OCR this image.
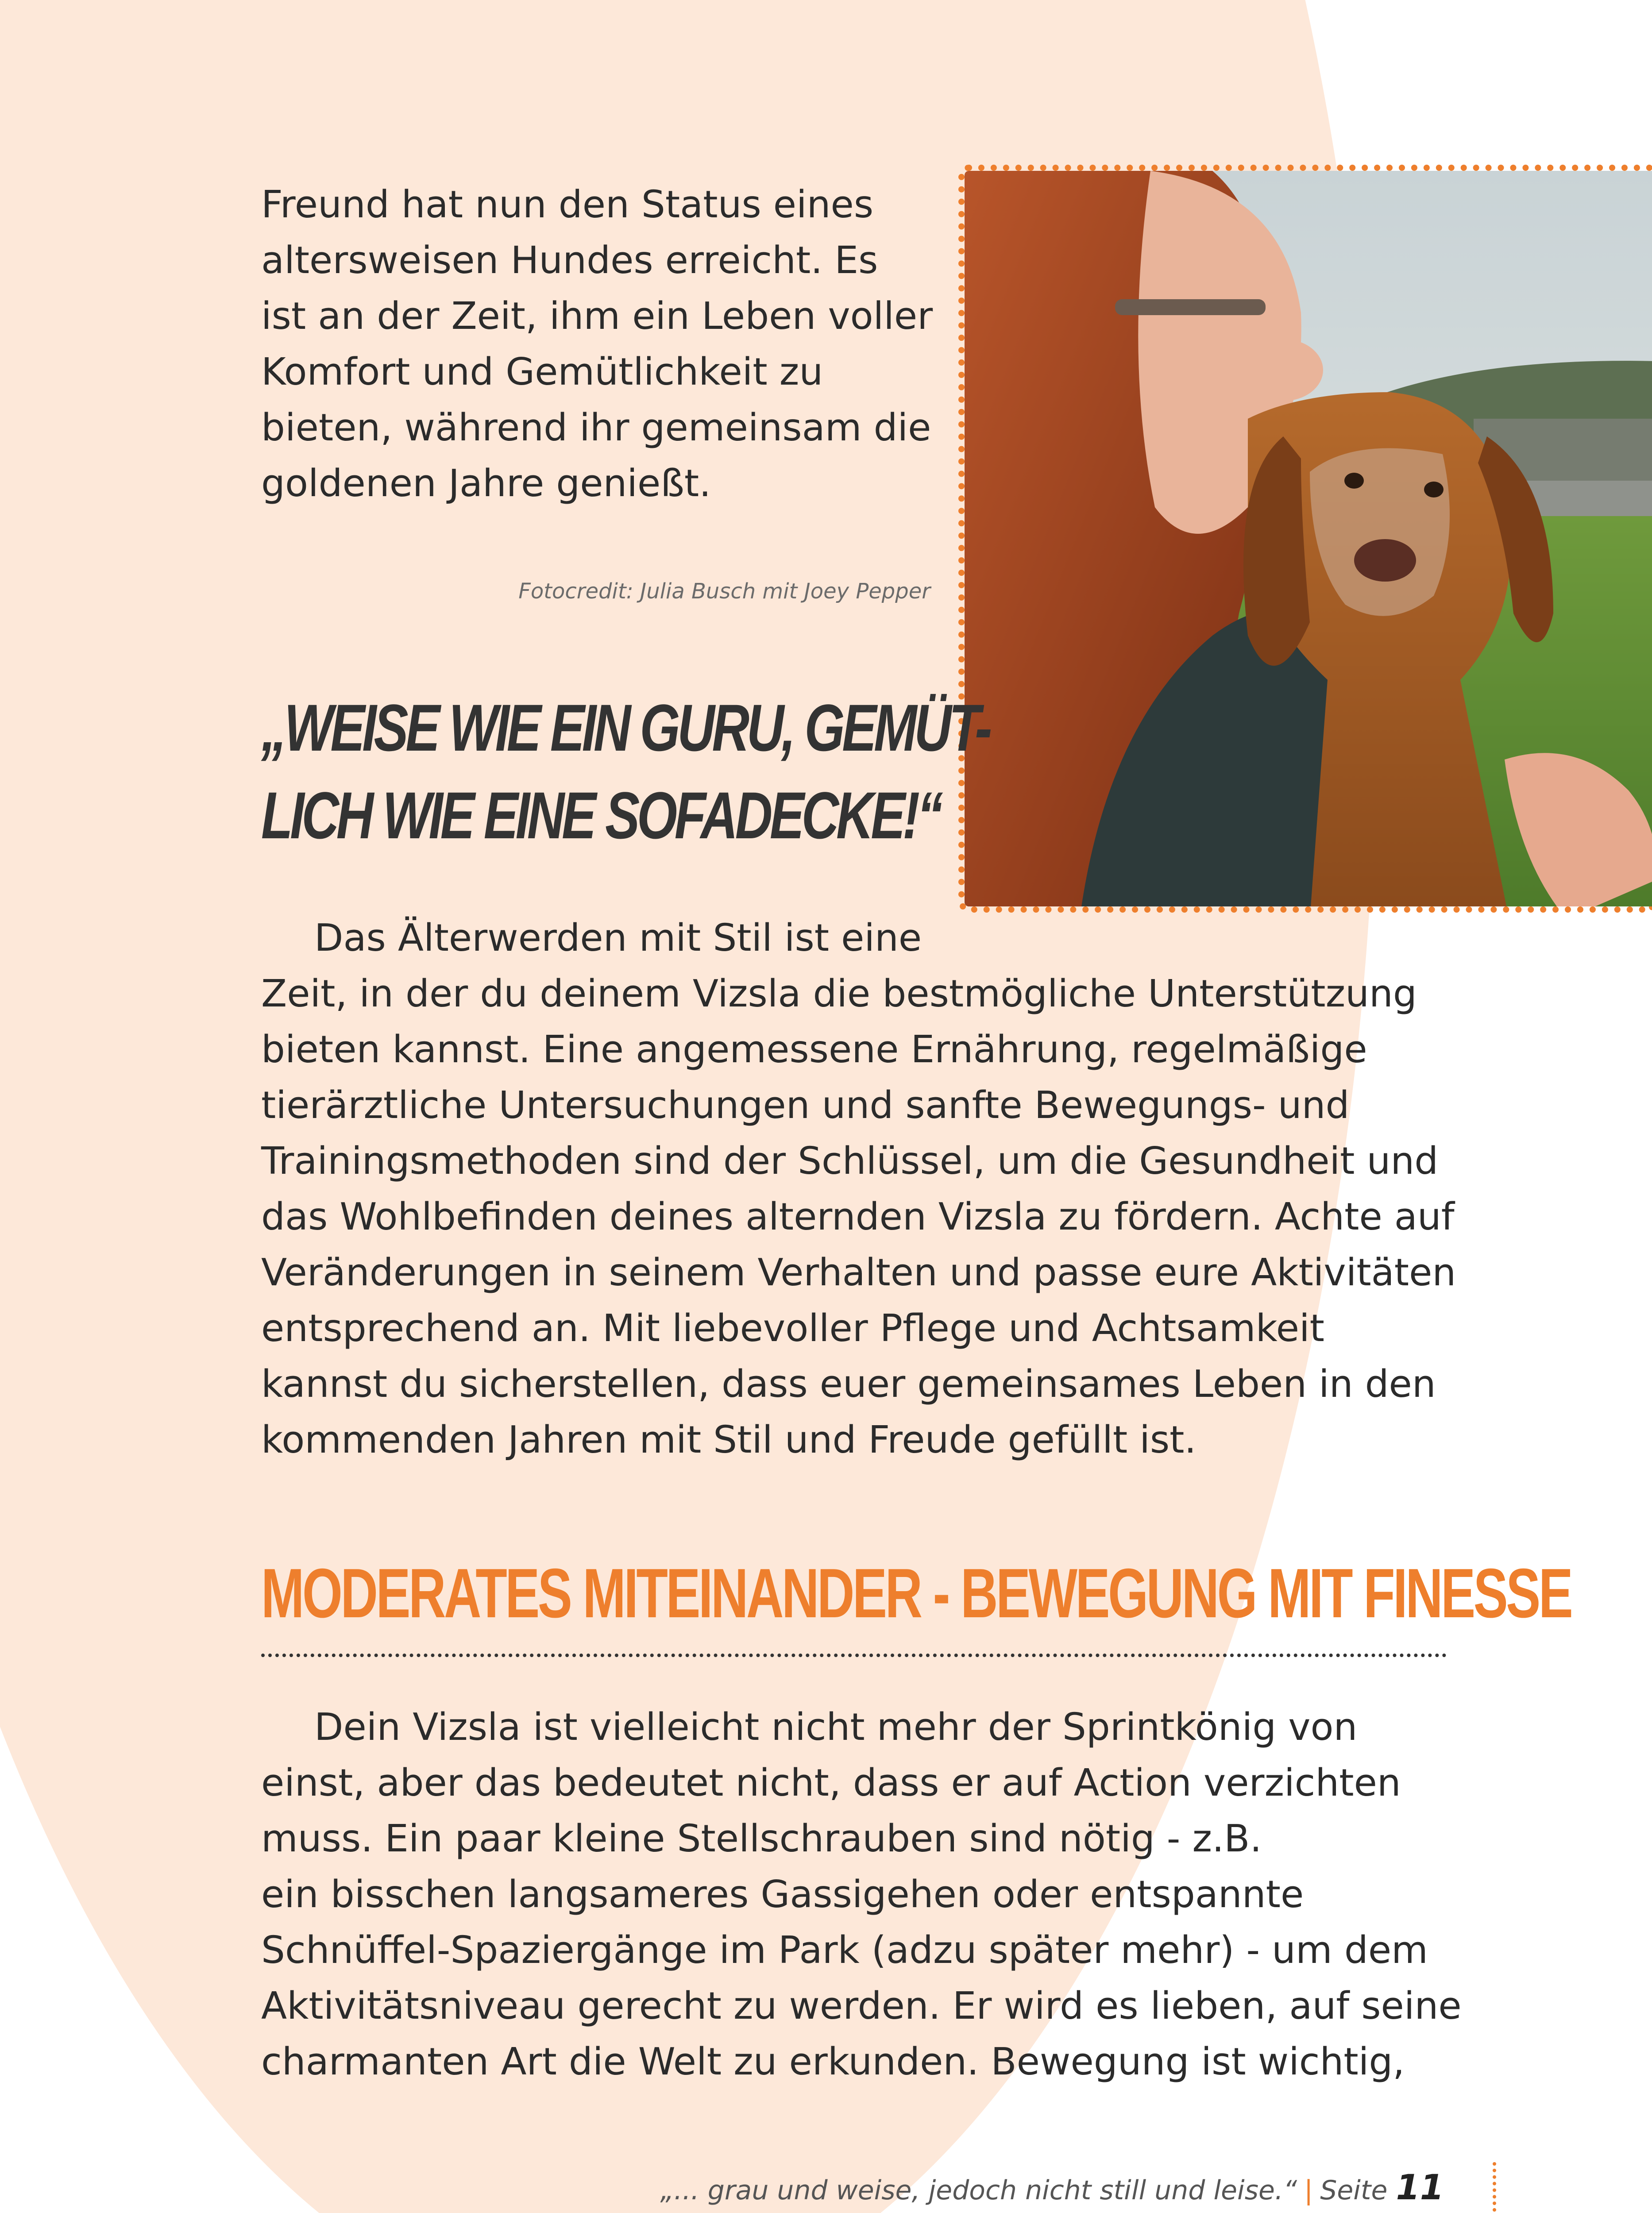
Freund hat nun den Status eines
altersweisen Hundes erreicht. Es
ist an der Zeit, ihm ein Leben voller
Komfort und Gemütlichkeit zu
bieten, während ihr gemeinsam die
goldenen Jahre genießt.

Fotocredit: Julia Busch mit Joey Pepper

„WEISE WIE EIN GURU, GEMÜT-
LICH WIE EINE SOFADECKE!“
Das Älterwerden mit Stil ist eine
Zeit, in der du deinem Vizsla die bestmögliche Unterstützung
bieten kannst. Eine angemessene Ernährung, regelmäßige
tierärztliche Untersuchungen und sanfte Bewegungs- und
Trainingsmethoden sind der Schlüssel, um die Gesundheit und
das Wohlbefinden deines alternden Vizsla zu fördern. Achte auf
Veränderungen in seinem Verhalten und passe eure Aktivitäten
entsprechend an. Mit liebevoller Pflege und Achtsamkeit
kannst du sicherstellen, dass euer gemeinsames Leben in den
kommenden Jahren mit Stil und Freude gefüllt ist.
MODERATES MITEINANDER - BEWEGUNG MIT FINESSE
Dein Vizsla ist vielleicht nicht mehr der Sprintkönig von
einst, aber das bedeutet nicht, dass er auf Action verzichten
muss. Ein paar kleine Stellschrauben sind nötig - z.B.
ein bisschen langsameres Gassigehen oder entspannte
Schnüffel-Spaziergänge im Park (adzu später mehr) - um dem
Aktivitätsniveau gerecht zu werden. Er wird es lieben, auf seine
charmanten Art die Welt zu erkunden. Bewegung ist wichtig,
„... grau und weise, jedoch nicht still und leise.“ | Seite 11
